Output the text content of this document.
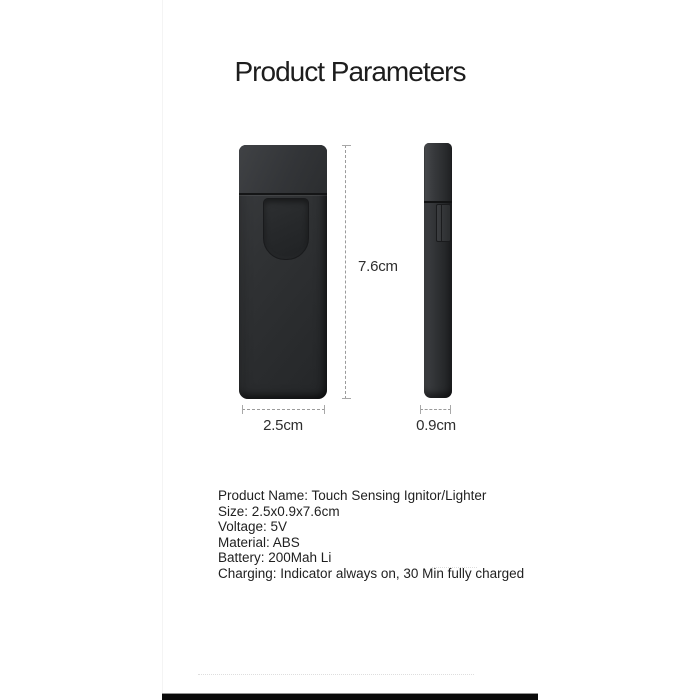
Product Parameters
7.6cm
2.5cm	0.9cm
Product Name: Touch Sensing Ignitor/Lighter
Size: 2.5x0.9x7.6cm
Voltage: 5V
Material: ABS
Battery: 200Mah Li
Charging: Indicator always on, 30 Min fully charged
